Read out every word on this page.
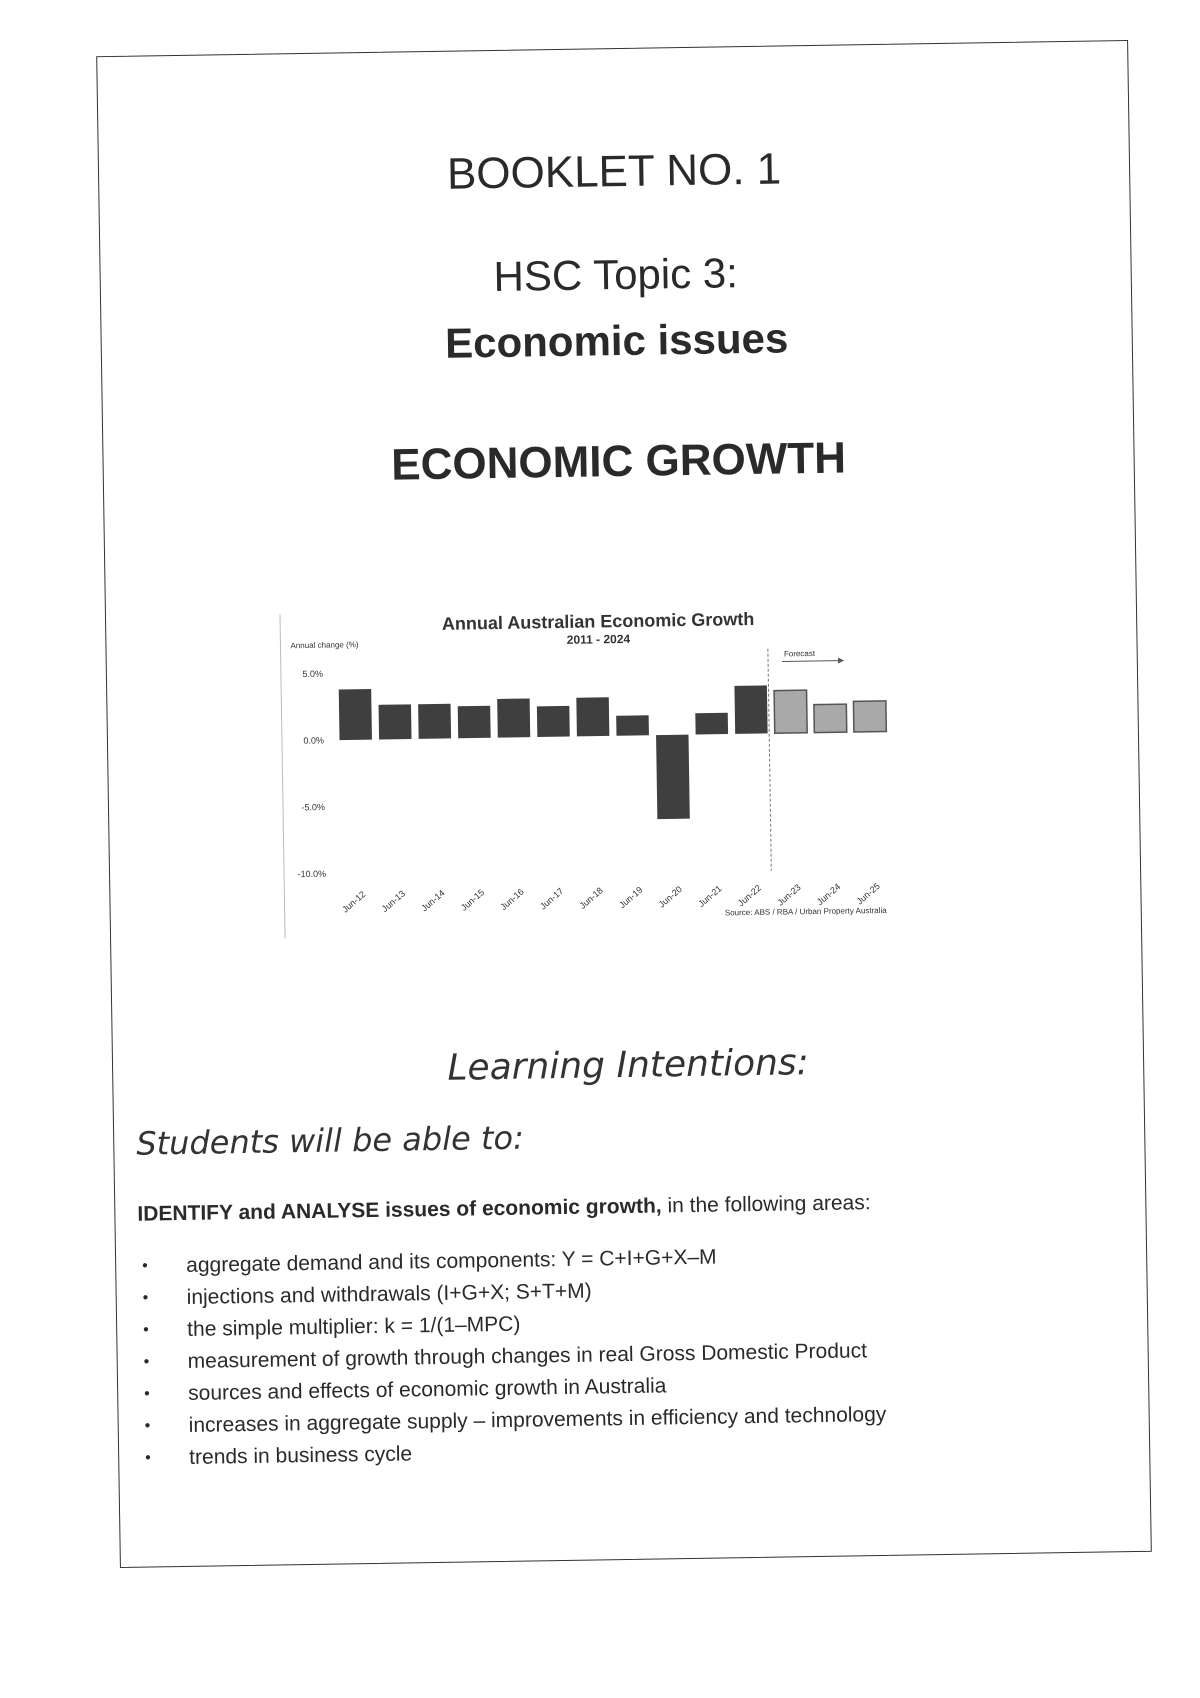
BOOKLET NO. 1
HSC Topic 3:
Economic issues
ECONOMIC GROWTH
Annual Australian Economic Growth
2011 - 2024
Annual change (%)
5.0%
0.0%
-5.0%
-10.0%
Jun-12 Jun-13 Jun-14 Jun-15 Jun-16 Jun-17 Jun-18 Jun-19 Jun-20 Jun-21 Jun-22 Jun-23 Jun-24 Jun-25
Forecast
Source: ABS / RBA / Urban Property Australia
Learning Intentions:
Students will be able to:
IDENTIFY and ANALYSE issues of economic growth, in the following areas:
• aggregate demand and its components: Y = C+I+G+X–M
• injections and withdrawals (I+G+X; S+T+M)
• the simple multiplier: k = 1/(1–MPC)
• measurement of growth through changes in real Gross Domestic Product
• sources and effects of economic growth in Australia
• increases in aggregate supply – improvements in efficiency and technology
• trends in business cycle
